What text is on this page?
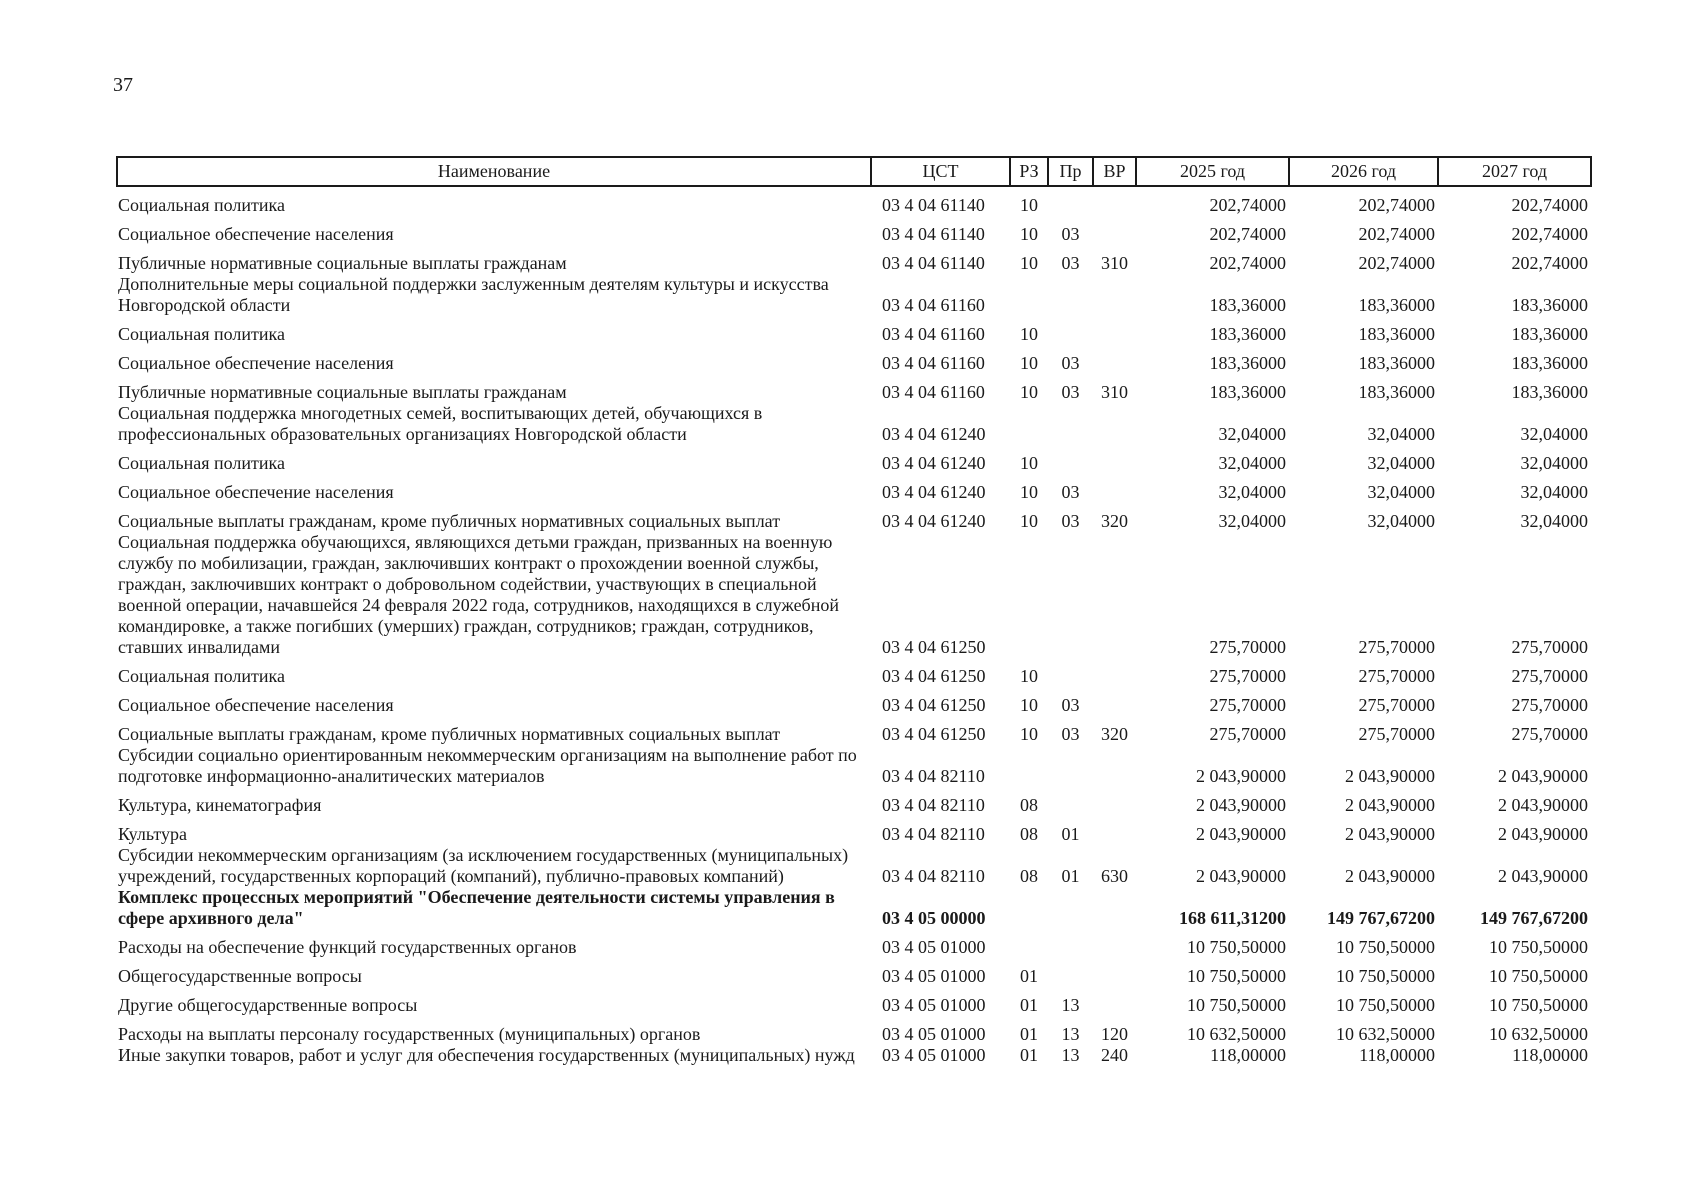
37
Наименование	ЦСТ	РЗ	Пр	ВР	2025 год	2026 год	2027 год
Социальная политика	03 4 04 61140	10			202,74000	202,74000	202,74000
Социальное обеспечение населения	03 4 04 61140	10	03		202,74000	202,74000	202,74000
Публичные нормативные социальные выплаты гражданам	03 4 04 61140	10	03	310	202,74000	202,74000	202,74000
Дополнительные меры социальной поддержки заслуженным деятелям культуры и искусства Новгородской области	03 4 04 61160				183,36000	183,36000	183,36000
Социальная политика	03 4 04 61160	10			183,36000	183,36000	183,36000
Социальное обеспечение населения	03 4 04 61160	10	03		183,36000	183,36000	183,36000
Публичные нормативные социальные выплаты гражданам	03 4 04 61160	10	03	310	183,36000	183,36000	183,36000
Социальная поддержка многодетных семей, воспитывающих детей, обучающихся в профессиональных образовательных организациях Новгородской области	03 4 04 61240				32,04000	32,04000	32,04000
Социальная политика	03 4 04 61240	10			32,04000	32,04000	32,04000
Социальное обеспечение населения	03 4 04 61240	10	03		32,04000	32,04000	32,04000
Социальные выплаты гражданам, кроме публичных нормативных социальных выплат	03 4 04 61240	10	03	320	32,04000	32,04000	32,04000
Социальная поддержка обучающихся, являющихся детьми граждан, призванных на военную службу по мобилизации, граждан, заключивших контракт о прохождении военной службы, граждан, заключивших контракт о добровольном содействии, участвующих в специальной военной операции, начавшейся 24 февраля 2022 года, сотрудников, находящихся в служебной командировке, а также погибших (умерших) граждан, сотрудников; граждан, сотрудников, ставших инвалидами	03 4 04 61250				275,70000	275,70000	275,70000
Социальная политика	03 4 04 61250	10			275,70000	275,70000	275,70000
Социальное обеспечение населения	03 4 04 61250	10	03		275,70000	275,70000	275,70000
Социальные выплаты гражданам, кроме публичных нормативных социальных выплат	03 4 04 61250	10	03	320	275,70000	275,70000	275,70000
Субсидии социально ориентированным некоммерческим организациям на выполнение работ по подготовке информационно-аналитических материалов	03 4 04 82110				2 043,90000	2 043,90000	2 043,90000
Культура, кинематография	03 4 04 82110	08			2 043,90000	2 043,90000	2 043,90000
Культура	03 4 04 82110	08	01		2 043,90000	2 043,90000	2 043,90000
Субсидии некоммерческим организациям (за исключением государственных (муниципальных) учреждений, государственных корпораций (компаний), публично-правовых компаний)	03 4 04 82110	08	01	630	2 043,90000	2 043,90000	2 043,90000
Комплекс процессных мероприятий "Обеспечение деятельности системы управления в сфере архивного дела"	03 4 05 00000				168 611,31200	149 767,67200	149 767,67200
Расходы на обеспечение функций государственных органов	03 4 05 01000				10 750,50000	10 750,50000	10 750,50000
Общегосударственные вопросы	03 4 05 01000	01			10 750,50000	10 750,50000	10 750,50000
Другие общегосударственные вопросы	03 4 05 01000	01	13		10 750,50000	10 750,50000	10 750,50000
Расходы на выплаты персоналу государственных (муниципальных) органов	03 4 05 01000	01	13	120	10 632,50000	10 632,50000	10 632,50000
Иные закупки товаров, работ и услуг для обеспечения государственных (муниципальных) нужд	03 4 05 01000	01	13	240	118,00000	118,00000	118,00000
